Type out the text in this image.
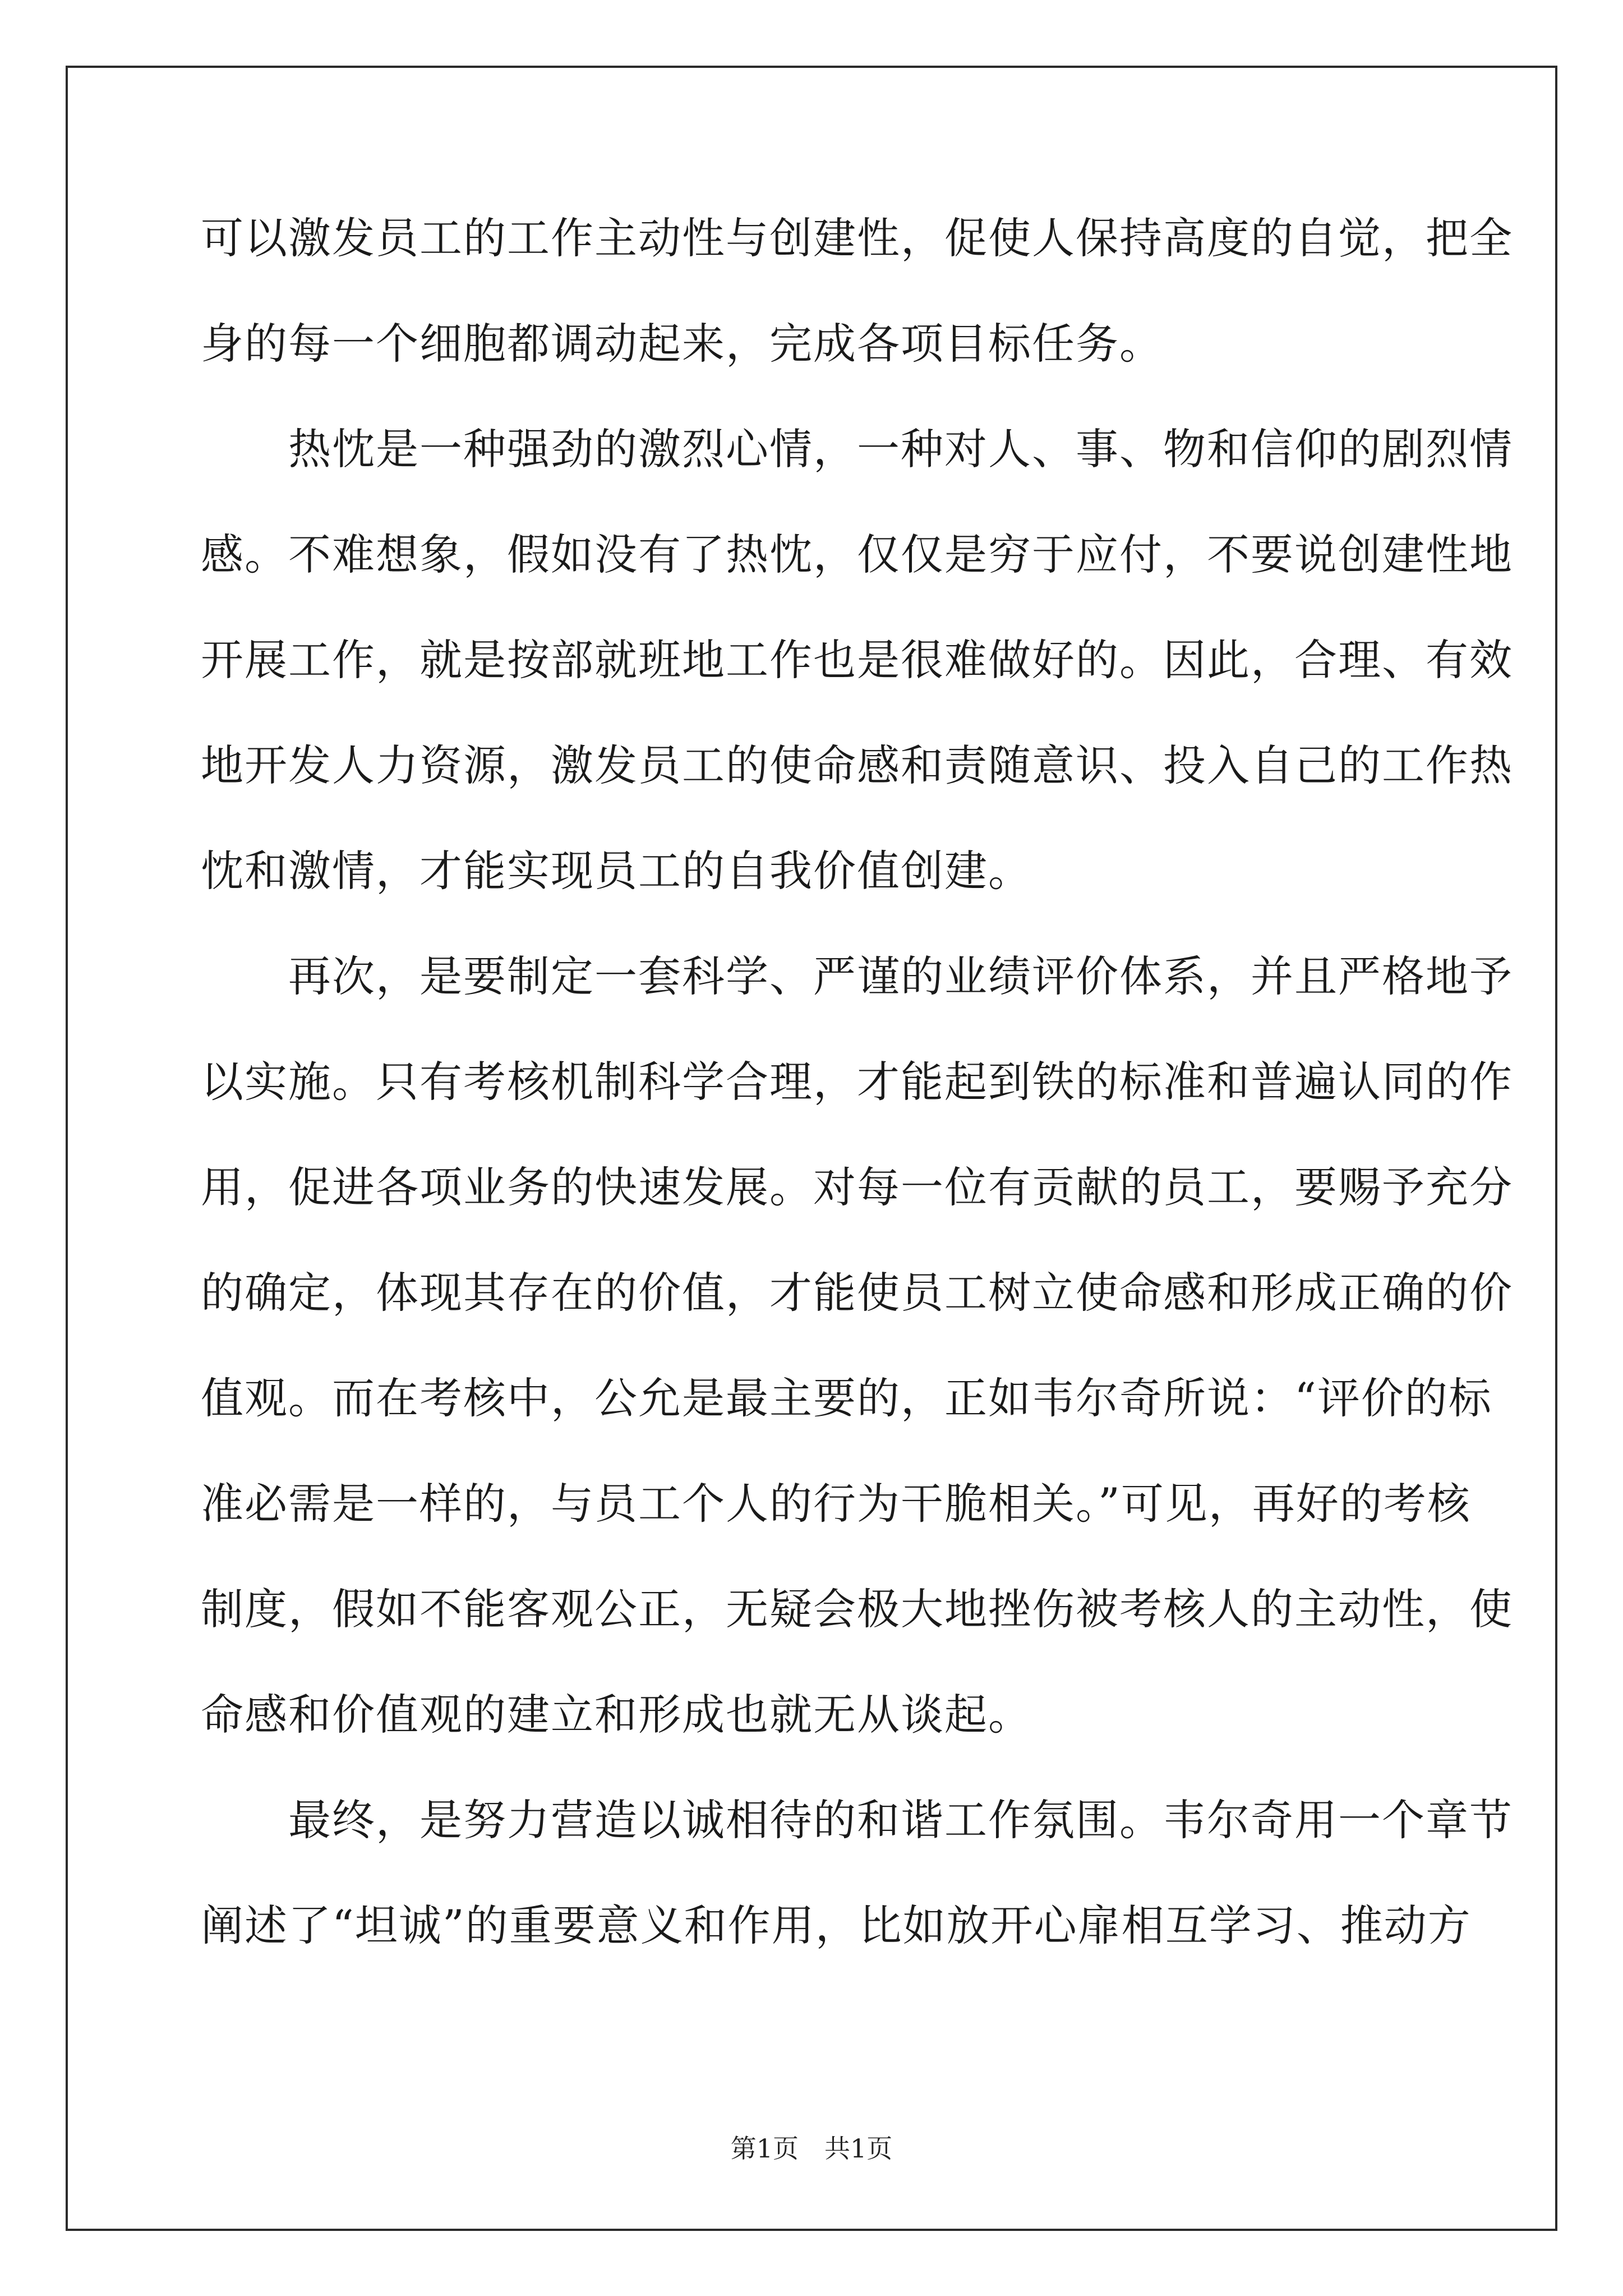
可以激发员工的工作主动性与创建性，促使人保持高度的自觉，把全
身的每一个细胞都调动起来，完成各项目标任务。
　　热忱是一种强劲的激烈心情，一种对人、事、物和信仰的剧烈情
感。不难想象，假如没有了热忱，仅仅是穷于应付，不要说创建性地
开展工作，就是按部就班地工作也是很难做好的。因此，合理、有效
地开发人力资源，激发员工的使命感和责随意识、投入自己的工作热
忱和激情，才能实现员工的自我价值创建。
　　再次，是要制定一套科学、严谨的业绩评价体系，并且严格地予
以实施。只有考核机制科学合理，才能起到铁的标准和普遍认同的作
用，促进各项业务的快速发展。对每一位有贡献的员工，要赐予充分
的确定，体现其存在的价值，才能使员工树立使命感和形成正确的价
值观。而在考核中，公允是最主要的，正如韦尔奇所说：“评价的标
准必需是一样的，与员工个人的行为干脆相关。”可见，再好的考核
制度，假如不能客观公正，无疑会极大地挫伤被考核人的主动性，使
命感和价值观的建立和形成也就无从谈起。
　　最终，是努力营造以诚相待的和谐工作氛围。韦尔奇用一个章节
阐述了“坦诚”的重要意义和作用，比如放开心扉相互学习、推动方
第1页　共1页
